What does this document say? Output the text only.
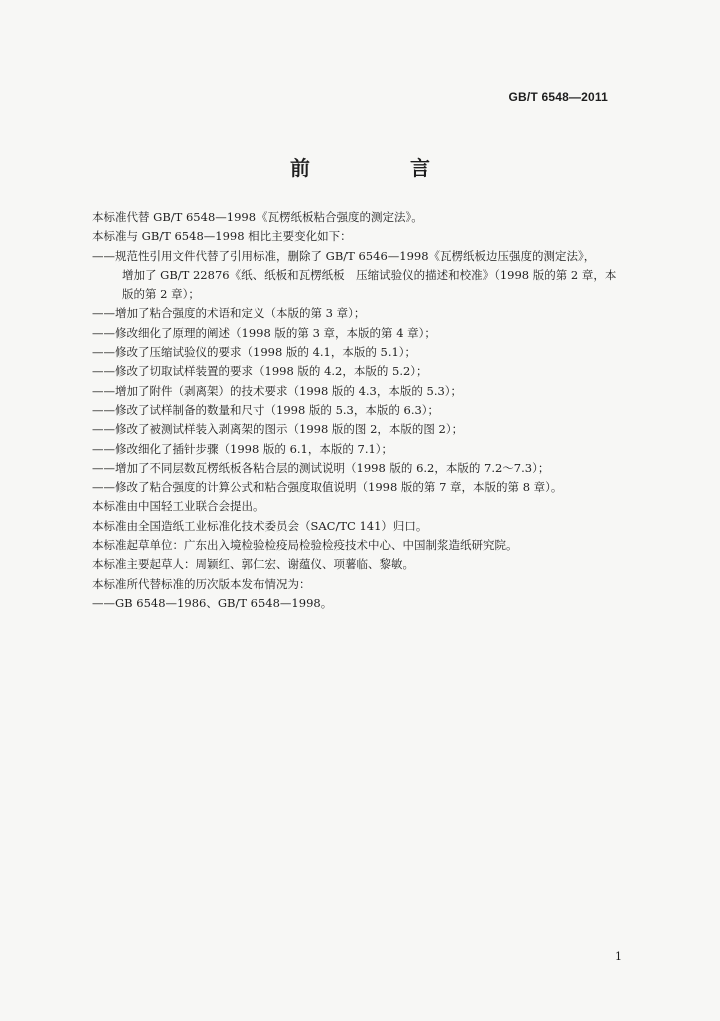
GB/T 6548—2011
前　言
本标准代替 GB/T 6548—1998《瓦楞纸板粘合强度的测定法》。
本标准与 GB/T 6548—1998 相比主要变化如下：
——规范性引用文件代替了引用标准，删除了 GB/T 6546—1998《瓦楞纸板边压强度的测定法》，
增加了 GB/T 22876《纸、纸板和瓦楞纸板　压缩试验仪的描述和校准》（1998 版的第 2 章，本
版的第 2 章）；
——增加了粘合强度的术语和定义（本版的第 3 章）；
——修改细化了原理的阐述（1998 版的第 3 章，本版的第 4 章）；
——修改了压缩试验仪的要求（1998 版的 4.1，本版的 5.1）；
——修改了切取试样装置的要求（1998 版的 4.2，本版的 5.2）；
——增加了附件（剥离架）的技术要求（1998 版的 4.3，本版的 5.3）；
——修改了试样制备的数量和尺寸（1998 版的 5.3，本版的 6.3）；
——修改了被测试样装入剥离架的图示（1998 版的图 2，本版的图 2）；
——修改细化了插针步骤（1998 版的 6.1，本版的 7.1）；
——增加了不同层数瓦楞纸板各粘合层的测试说明（1998 版的 6.2，本版的 7.2～7.3）；
——修改了粘合强度的计算公式和粘合强度取值说明（1998 版的第 7 章，本版的第 8 章）。
本标准由中国轻工业联合会提出。
本标准由全国造纸工业标准化技术委员会（SAC/TC 141）归口。
本标准起草单位：广东出入境检验检疫局检验检疫技术中心、中国制浆造纸研究院。
本标准主要起草人：周颖红、郭仁宏、谢蕴仪、项薯临、黎敏。
本标准所代替标准的历次版本发布情况为：
——GB 6548—1986、GB/T 6548—1998。
1
